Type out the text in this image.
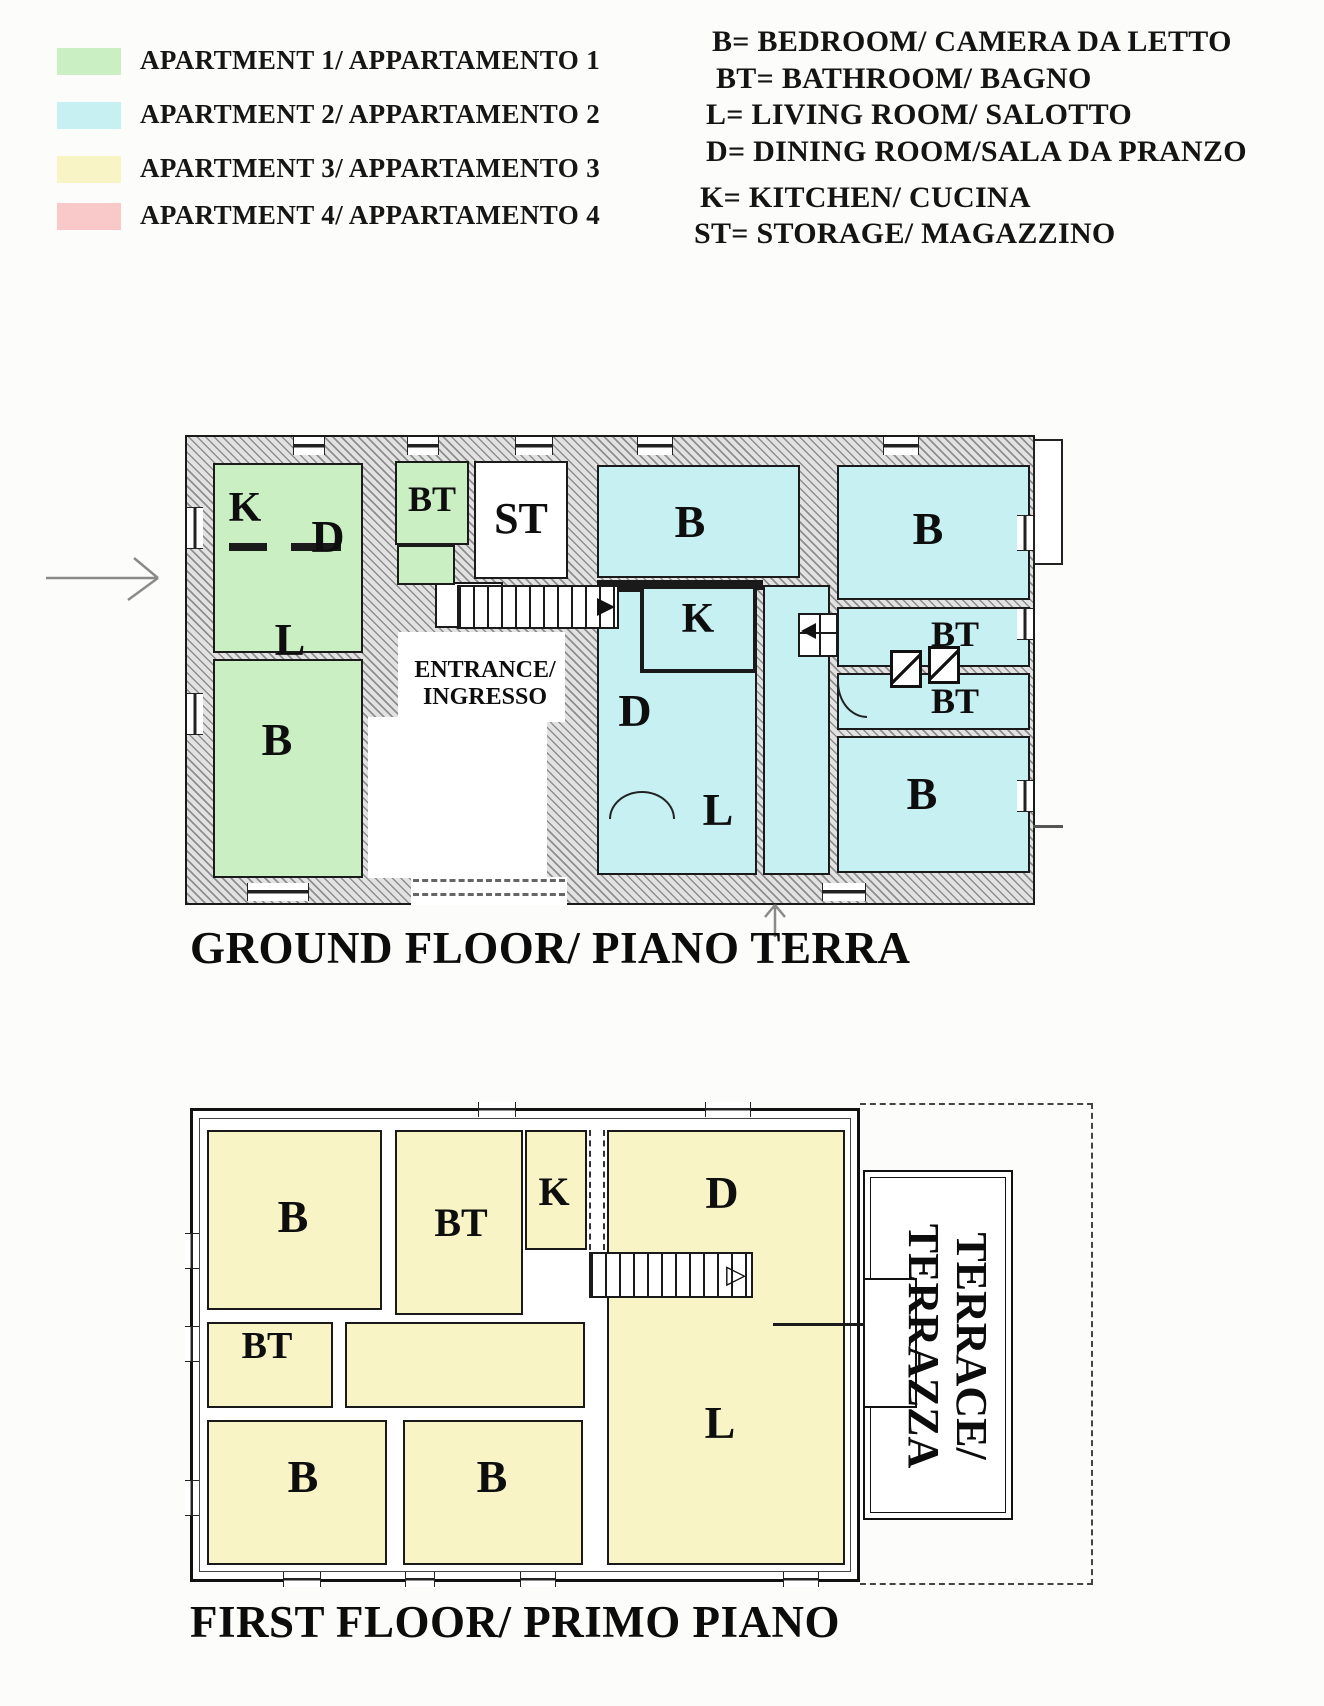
APARTMENT 1/ APPARTAMENTO 1
APARTMENT 2/ APPARTAMENTO 2
APARTMENT 3/ APPARTAMENTO 3
APARTMENT 4/ APPARTAMENTO 4
B= BEDROOM/ CAMERA DA LETTO
BT= BATHROOM/ BAGNO
L= LIVING ROOM/ SALOTTO
D= DINING ROOM/SALA DA PRANZO
K= KITCHEN/ CUCINA
ST= STORAGE/ MAGAZZINO
K
D
L
B
BT ST	B
K
D
L
B
BT
BT
B
ENTRANCE/
INGRESSO
GROUND FLOOR/ PIANO TERRA
▷	TERRACE/
TERRAZZA
B	BT
K	D
BT
B	B
L
FIRST FLOOR/ PRIMO PIANO
